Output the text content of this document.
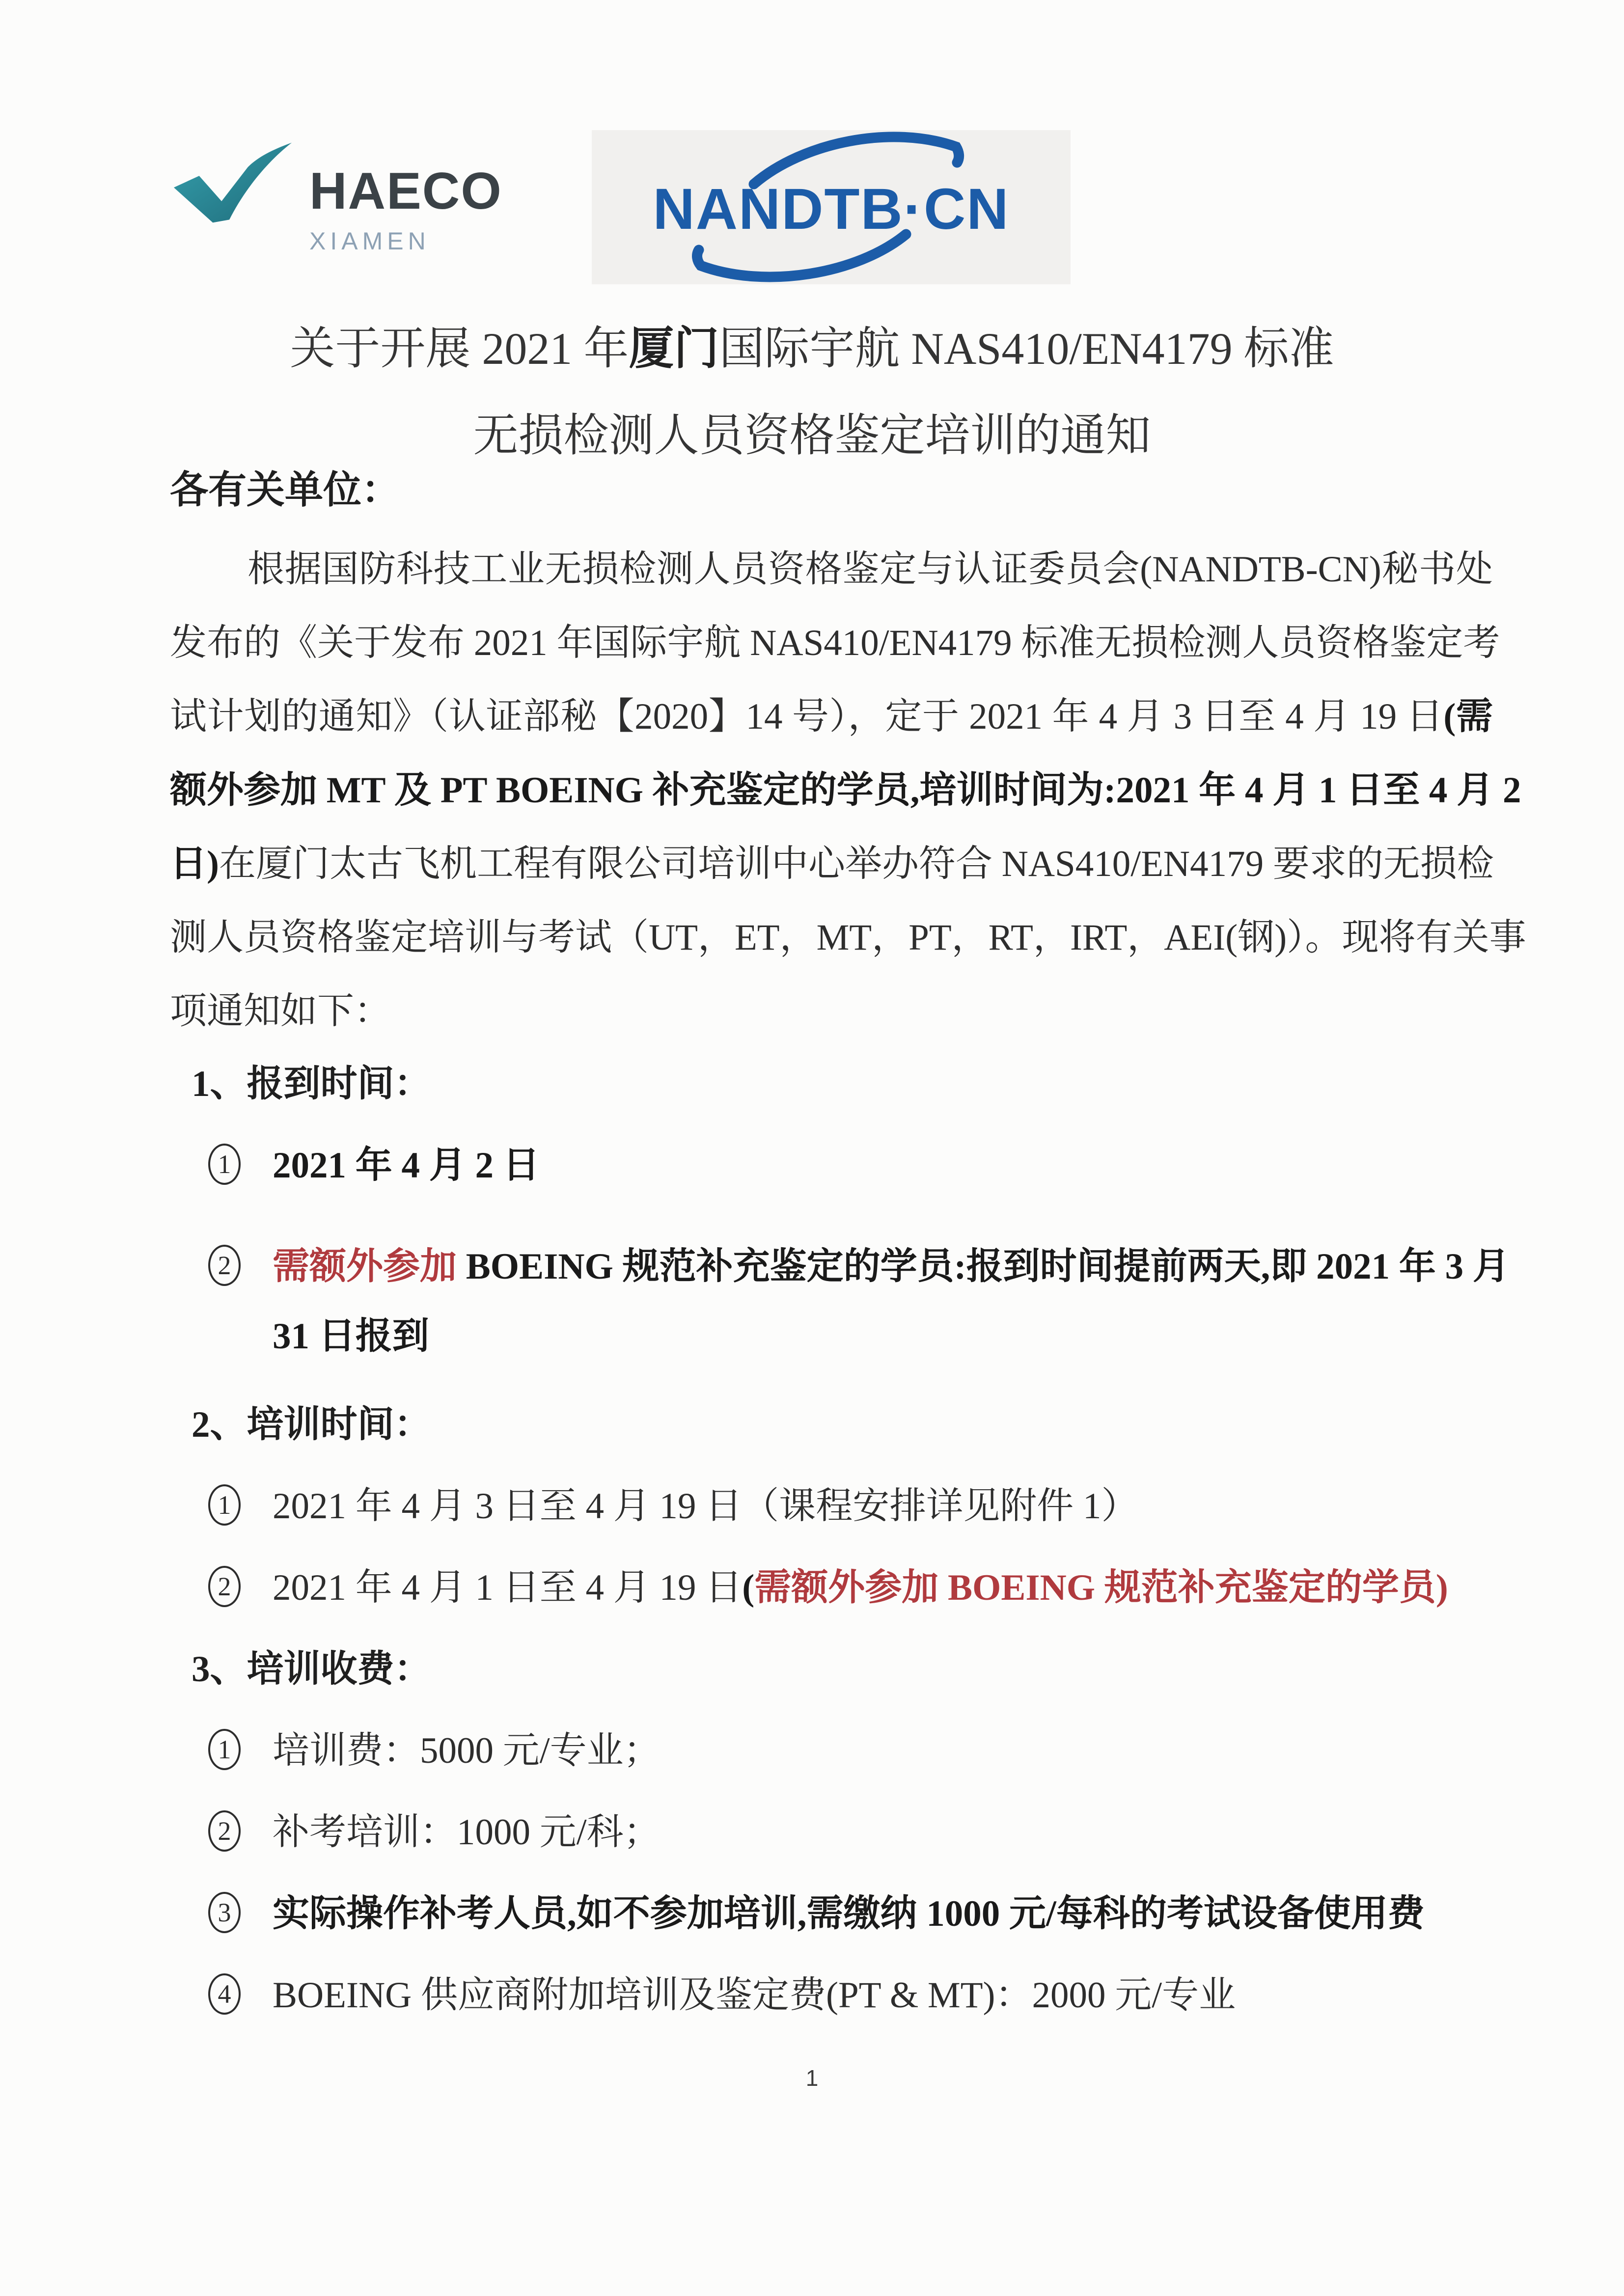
HAECO
XIAMEN	NANDTB·CN
关于开展 2021 年厦门国际宇航 NAS410/EN4179 标准
无损检测人员资格鉴定培训的通知
各有关单位：
根据国防科技工业无损检测人员资格鉴定与认证委员会(NANDTB-CN)秘书处
发布的《关于发布 2021 年国际宇航 NAS410/EN4179 标准无损检测人员资格鉴定考
试计划的通知》（认证部秘【2020】14 号），定于 2021 年 4 月 3 日至 4 月 19 日(需
额外参加 MT 及 PT BOEING 补充鉴定的学员,培训时间为:2021 年 4 月 1 日至 4 月 2
日)在厦门太古飞机工程有限公司培训中心举办符合 NAS410/EN4179 要求的无损检
测人员资格鉴定培训与考试（UT，ET，MT，PT，RT，IRT，AEI(钢)）。现将有关事
项通知如下：
1、报到时间：
1 2021 年 4 月 2 日
2 需额外参加 BOEING 规范补充鉴定的学员:报到时间提前两天,即 2021 年 3 月
31 日报到
2、培训时间：
1 2021 年 4 月 3 日至 4 月 19 日（课程安排详见附件 1）
2 2021 年 4 月 1 日至 4 月 19 日(需额外参加 BOEING 规范补充鉴定的学员)
3、培训收费：
1 培训费：5000 元/专业；
2 补考培训：1000 元/科；
3 实际操作补考人员,如不参加培训,需缴纳 1000 元/每科的考试设备使用费
4 BOEING 供应商附加培训及鉴定费(PT & MT)：2000 元/专业
1
